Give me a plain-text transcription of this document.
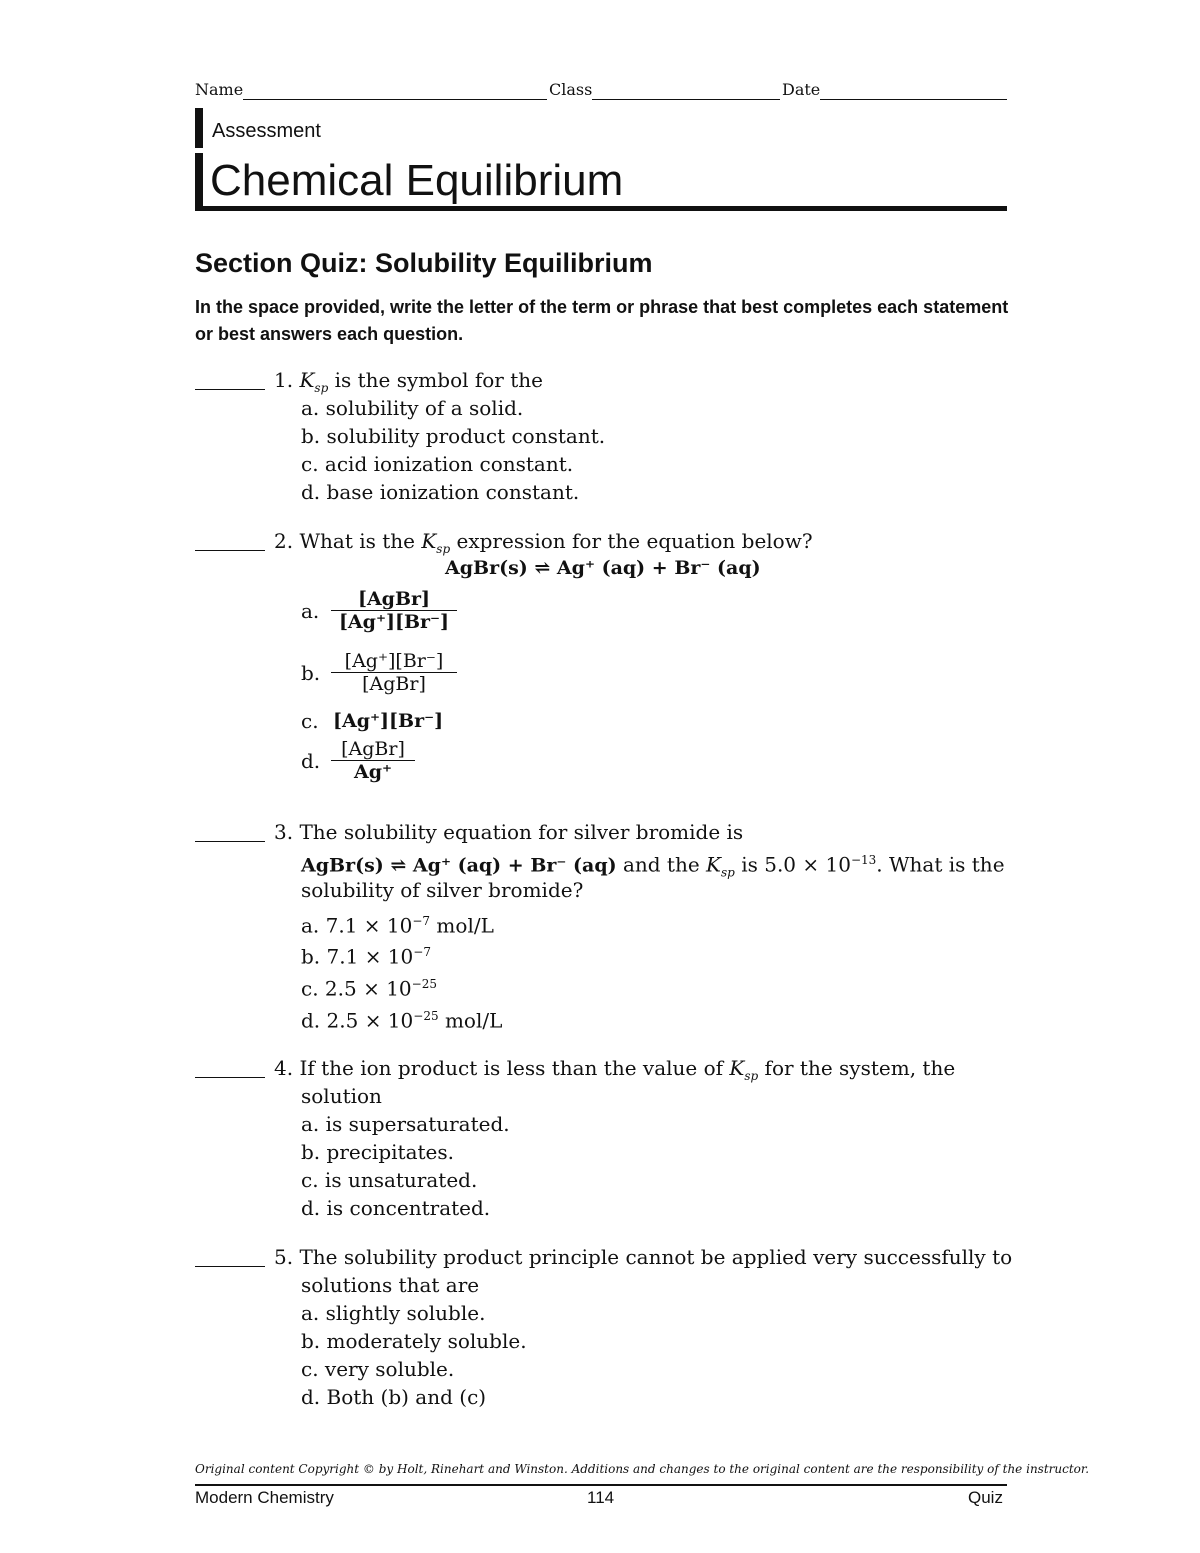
Name	Class	Date
Assessment
Chemical Equilibrium
Section Quiz: Solubility Equilibrium
In the space provided, write the letter of the term or phrase that best completes each statement or best answers each question.
1. $K_{sp}$ is the symbol for the
a. solubility of a solid.
b. solubility product constant.
c. acid ionization constant.
d. base ionization constant.
2. What is the $K_{sp}$ expression for the equation below?
AgBr(s) ⇌ Ag⁺ (aq) + Br⁻ (aq)
a. $\frac{\text{[AgBr]}}{[Ag^+][Br^-]}$
b. $\frac{[Ag^+][Br^-]}{\text{[AgBr]}}$
c. [Ag⁺][Br⁻]
d. $\frac{\text{[AgBr]}}{Ag^+}$
3. The solubility equation for silver bromide is
AgBr(s) ⇌ Ag⁺ (aq) + Br⁻ (aq) and the $K_{sp}$ is $5.0 \times 10^{-13}$. What is the
solubility of silver bromide?
a. $7.1 \times 10^{-7}$ mol/L
b. $7.1 \times 10^{-7}$
c. $2.5 \times 10^{-25}$
d. $2.5 \times 10^{-25}$ mol/L
4. If the ion product is less than the value of $K_{sp}$ for the system, the
solution
a. is supersaturated.
b. precipitates.
c. is unsaturated.
d. is concentrated.
5. The solubility product principle cannot be applied very successfully to
solutions that are
a. slightly soluble.
b. moderately soluble.
c. very soluble.
d. Both (b) and (c)
Original content Copyright © by Holt, Rinehart and Winston. Additions and changes to the original content are the responsibility of the instructor.
Modern Chemistry	114	Quiz
